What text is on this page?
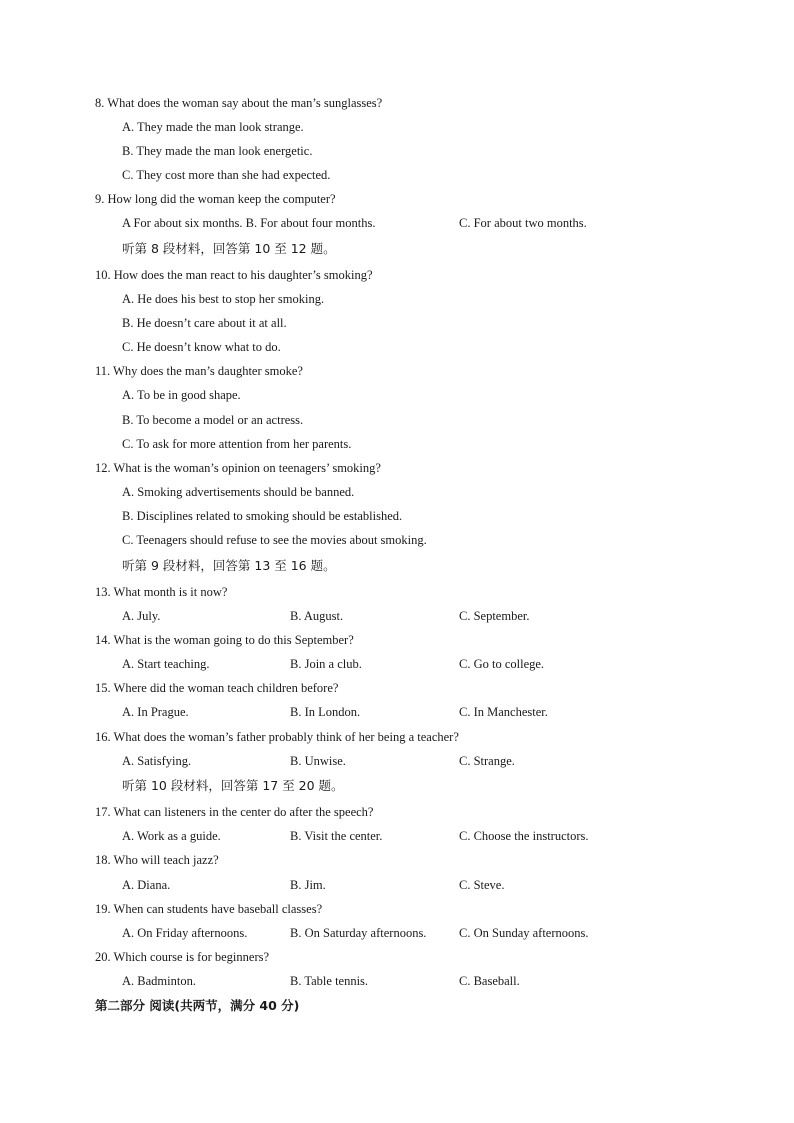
8. What does the woman say about the man’s sunglasses?
A. They made the man look strange.
B. They made the man look energetic.
C. They cost more than she had expected.
9. How long did the woman keep the computer?
A For about six months. B. For about four months.	C. For about two months.
听第 8 段材料，回答第 10 至 12 题。
10. How does the man react to his daughter’s smoking?
A. He does his best to stop her smoking.
B. He doesn’t care about it at all.
C. He doesn’t know what to do.
11. Why does the man’s daughter smoke?
A. To be in good shape.
B. To become a model or an actress.
C. To ask for more attention from her parents.
12. What is the woman’s opinion on teenagers’ smoking?
A. Smoking advertisements should be banned.
B. Disciplines related to smoking should be established.
C. Teenagers should refuse to see the movies about smoking.
听第 9 段材料，回答第 13 至 16 题。
13. What month is it now?
A. July.	B. August.	C. September.
14. What is the woman going to do this September?
A. Start teaching.	B. Join a club.	C. Go to college.
15. Where did the woman teach children before?
A. In Prague.	B. In London.	C. In Manchester.
16. What does the woman’s father probably think of her being a teacher?
A. Satisfying.	B. Unwise.	C. Strange.
听第 10 段材料，回答第 17 至 20 题。
17. What can listeners in the center do after the speech?
A. Work as a guide.	B. Visit the center.	C. Choose the instructors.
18. Who will teach jazz?
A. Diana.	B. Jim.	C. Steve.
19. When can students have baseball classes?
A. On Friday afternoons.	B. On Saturday afternoons.	C. On Sunday afternoons.
20. Which course is for beginners?
A. Badminton.	B. Table tennis.	C. Baseball.
第二部分 阅读(共两节，满分 40 分)
